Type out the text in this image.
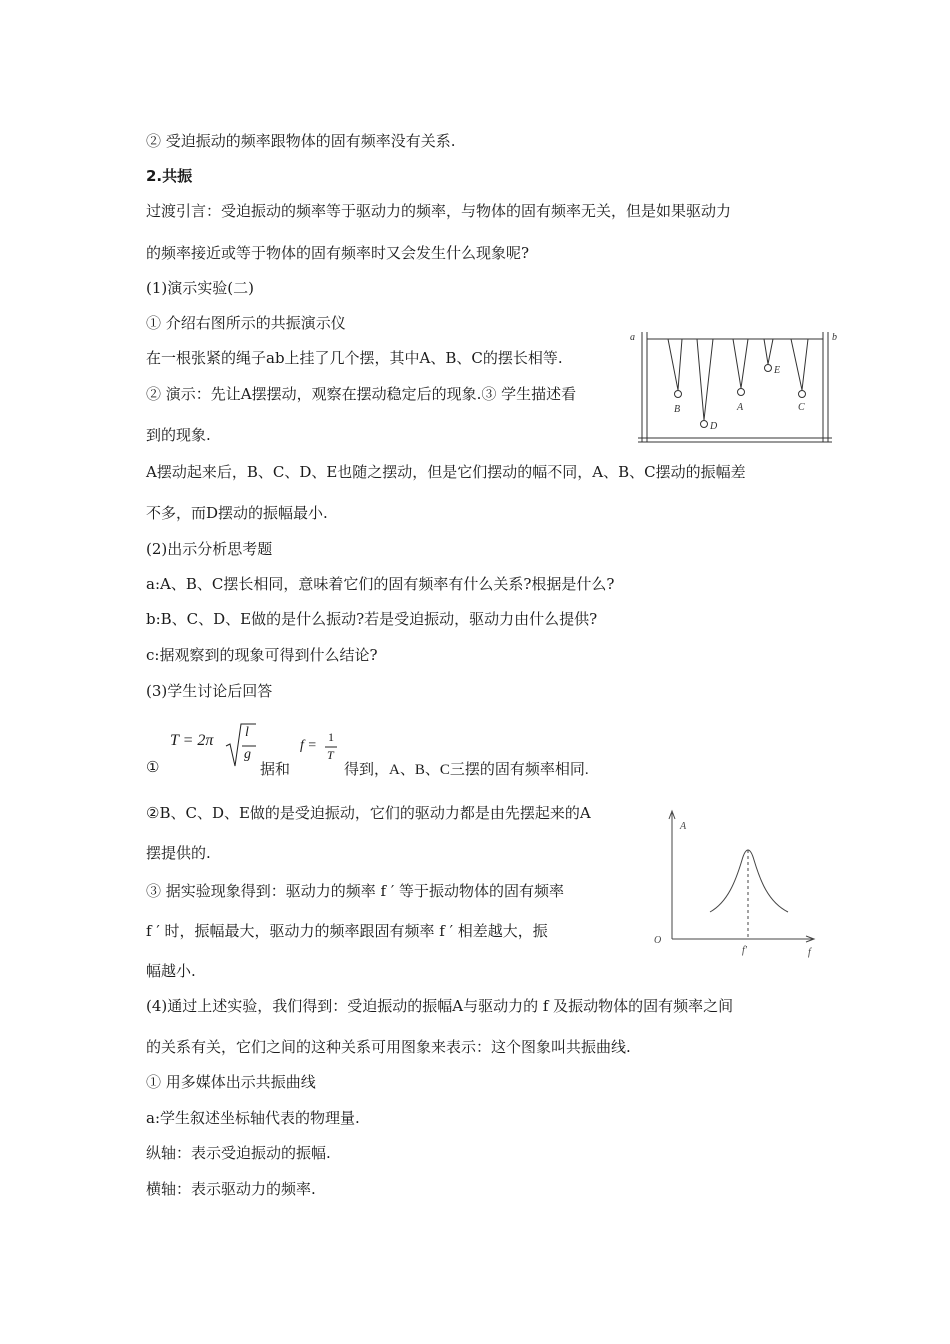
② 受迫振动的频率跟物体的固有频率没有关系.
2.共振
过渡引言：受迫振动的频率等于驱动力的频率，与物体的固有频率无关，但是如果驱动力
的频率接近或等于物体的固有频率时又会发生什么现象呢?
(1)演示实验(二)
① 介绍右图所示的共振演示仪
在一根张紧的绳子ab上挂了几个摆，其中A、B、C的摆长相等.
② 演示：先让A摆摆动，观察在摆动稳定后的现象.③ 学生描述看
到的现象.
A摆动起来后，B、C、D、E也随之摆动，但是它们摆动的幅不同，A、B、C摆动的振幅差
不多，而D摆动的振幅最小.
(2)出示分析思考题
a:A、B、C摆长相同，意味着它们的固有频率有什么关系?根据是什么?
b:B、C、D、E做的是什么振动?若是受迫振动，驱动力由什么提供?
c:据观察到的现象可得到什么结论?
(3)学生讨论后回答
①
T = 2π l
g
据和
f =
1
T
得到，A、B、C三摆的固有频率相同.
②B、C、D、E做的是受迫振动，它们的驱动力都是由先摆起来的A
摆提供的.
③ 据实验现象得到：驱动力的频率 f ′ 等于振动物体的固有频率
f ′ 时，振幅最大，驱动力的频率跟固有频率 f ′ 相差越大，振
幅越小.
(4)通过上述实验，我们得到：受迫振动的振幅A与驱动力的 f 及振动物体的固有频率之间
的关系有关，它们之间的这种关系可用图象来表示：这个图象叫共振曲线.
① 用多媒体出示共振曲线
a:学生叙述坐标轴代表的物理量.
纵轴：表示受迫振动的振幅.
横轴：表示驱动力的频率.
a	b
B
D
A
E
C
A
O
f′	f
